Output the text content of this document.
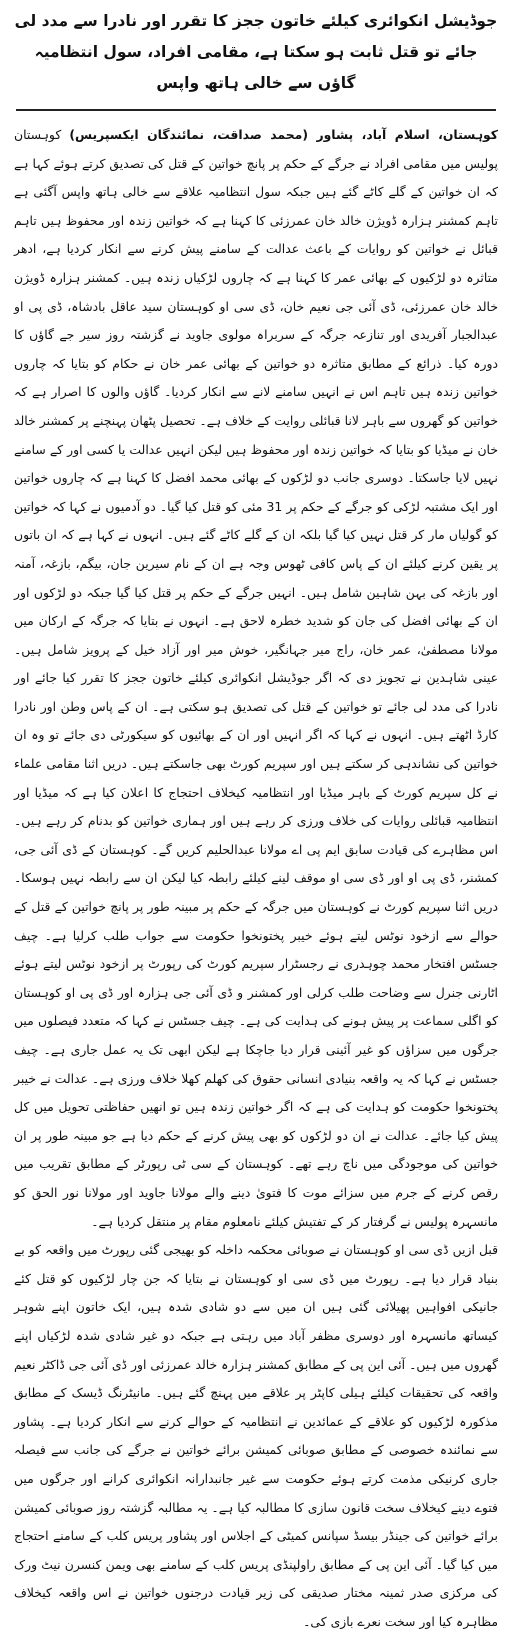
جوڈیشل انکوائری کیلئے خاتون ججز کا تقرر اور نادرا سے مدد لی جائے تو قتل ثابت ہو سکتا ہے، مقامی افراد، سول انتظامیہ گاؤں سے خالی ہاتھ واپس

کوہستان، اسلام آباد، پشاور (محمد صداقت، نمائندگان ایکسپریس) کوہستان پولیس میں مقامی افراد نے جرگے کے حکم پر پانچ خواتین کے قتل کی تصدیق کرتے ہوئے کہا ہے کہ ان خواتین کے گلے کاٹے گئے ہیں جبکہ سول انتظامیہ علاقے سے خالی ہاتھ واپس آگئی ہے تاہم کمشنر ہزارہ ڈویژن خالد خان عمرزئی کا کہنا ہے کہ خواتین زندہ اور محفوظ ہیں تاہم قبائل نے خواتین کو روایات کے باعث عدالت کے سامنے پیش کرنے سے انکار کردیا ہے، ادھر متاثرہ دو لڑکیوں کے بھائی عمر کا کہنا ہے کہ چاروں لڑکیاں زندہ ہیں۔ کمشنر ہزارہ ڈویژن خالد خان عمرزئی، ڈی آئی جی نعیم خان، ڈی سی او کوہستان سید عاقل بادشاہ، ڈی پی او عبدالجبار آفریدی اور تنازعہ جرگہ کے سربراہ مولوی جاوید نے گزشتہ روز سیر جے گاؤں کا دورہ کیا۔ ذرائع کے مطابق متاثرہ دو خواتین کے بھائی عمر خان نے حکام کو بتایا کہ چاروں خواتین زندہ ہیں تاہم اس نے انہیں سامنے لانے سے انکار کردیا۔ گاؤں والوں کا اصرار ہے کہ خواتین کو گھروں سے باہر لانا قبائلی روایت کے خلاف ہے۔ تحصیل پٹھان پہنچنے پر کمشنر خالد خان نے میڈیا کو بتایا کہ خواتین زندہ اور محفوظ ہیں لیکن انہیں عدالت یا کسی اور کے سامنے نہیں لایا جاسکتا۔ دوسری جانب دو لڑکوں کے بھائی محمد افضل کا کہنا ہے کہ چاروں خواتین اور ایک مشتبہ لڑکی کو جرگے کے حکم پر 31 مئی کو قتل کیا گیا۔ دو آدمیوں نے کہا کہ خواتین کو گولیاں مار کر قتل نہیں کیا گیا بلکہ ان کے گلے کاٹے گئے ہیں۔ انہوں نے کہا ہے کہ ان باتوں پر یقین کرنے کیلئے ان کے پاس کافی ٹھوس وجہ ہے ان کے نام سیرین جان، بیگم، بازغہ، آمنہ اور بازغہ کی بہن شاہین شامل ہیں۔ انہیں جرگے کے حکم پر قتل کیا گیا جبکہ دو لڑکوں اور ان کے بھائی افضل کی جان کو شدید خطرہ لاحق ہے۔ انہوں نے بتایا کہ جرگہ کے ارکان میں مولانا مصطفیٰ، عمر خان، راج میر جہانگیر، خوش میر اور آزاد خیل کے پرویز شامل ہیں۔ عینی شاہدین نے تجویز دی کہ اگر جوڈیشل انکوائری کیلئے خاتون ججز کا تقرر کیا جائے اور نادرا کی مدد لی جائے تو خواتین کے قتل کی تصدیق ہو سکتی ہے۔ ان کے پاس وطن اور نادرا کارڈ اٹھتے ہیں۔ انہوں نے کہا کہ اگر انہیں اور ان کے بھائیوں کو سیکورٹی دی جائے تو وہ ان خواتین کی نشاندہی کر سکتے ہیں اور سپریم کورٹ بھی جاسکتے ہیں۔ دریں اثنا مقامی علماء نے کل سپریم کورٹ کے باہر میڈیا اور انتظامیہ کیخلاف احتجاج کا اعلان کیا ہے کہ میڈیا اور انتظامیہ قبائلی روایات کی خلاف ورزی کر رہے ہیں اور ہماری خواتین کو بدنام کر رہے ہیں۔ اس مظاہرے کی قیادت سابق ایم پی اے مولانا عبدالحلیم کریں گے۔ کوہستان کے ڈی آئی جی، کمشنر، ڈی پی او اور ڈی سی او موقف لینے کیلئے رابطہ کیا لیکن ان سے رابطہ نہیں ہوسکا۔ دریں اثنا سپریم کورٹ نے کوہستان میں جرگہ کے حکم پر مبینہ طور پر پانچ خواتین کے قتل کے حوالے سے ازخود نوٹس لیتے ہوئے خیبر پختونخوا حکومت سے جواب طلب کرلیا ہے۔ چیف جسٹس افتخار محمد چوہدری نے رجسٹرار سپریم کورٹ کی رپورٹ پر ازخود نوٹس لیتے ہوئے اٹارنی جنرل سے وضاحت طلب کرلی اور کمشنر و ڈی آئی جی ہزارہ اور ڈی پی او کوہستان کو اگلی سماعت پر پیش ہونے کی ہدایت کی ہے۔ چیف جسٹس نے کہا کہ متعدد فیصلوں میں جرگوں میں سزاؤں کو غیر آئینی قرار دیا جاچکا ہے لیکن ابھی تک یہ عمل جاری ہے۔ چیف جسٹس نے کہا کہ یہ واقعہ بنیادی انسانی حقوق کی کھلم کھلا خلاف ورزی ہے۔ عدالت نے خیبر پختونخوا حکومت کو ہدایت کی ہے کہ اگر خواتین زندہ ہیں تو انھیں حفاظتی تحویل میں کل پیش کیا جائے۔ عدالت نے ان دو لڑکوں کو بھی پیش کرنے کے حکم دیا ہے جو مبینہ طور پر ان خواتین کی موجودگی میں ناچ رہے تھے۔ کوہستان کے سی ٹی رپورٹر کے مطابق تقریب میں رقص کرنے کے جرم میں سزائے موت کا فتویٰ دینے والے مولانا جاوید اور مولانا نور الحق کو مانسہرہ پولیس نے گرفتار کر کے تفتیش کیلئے نامعلوم مقام پر منتقل کردیا ہے۔

قبل ازیں ڈی سی او کوہستان نے صوبائی محکمہ داخلہ کو بھیجی گئی رپورٹ میں واقعہ کو بے بنیاد قرار دیا ہے۔ رپورٹ میں ڈی سی او کوہستان نے بتایا کہ جن چار لڑکیوں کو قتل کئے جانیکی افواہیں پھیلائی گئی ہیں ان میں سے دو شادی شدہ ہیں، ایک خاتون اپنے شوہر کیساتھ مانسہرہ اور دوسری مظفر آباد میں رہتی ہے جبکہ دو غیر شادی شدہ لڑکیاں اپنے گھروں میں ہیں۔ آئی این پی کے مطابق کمشنر ہزارہ خالد عمرزئی اور ڈی آئی جی ڈاکٹر نعیم واقعہ کی تحقیقات کیلئے ہیلی کاپٹر پر علاقے میں پہنچ گئے ہیں۔ مانیٹرنگ ڈیسک کے مطابق مذکورہ لڑکیوں کو علاقے کے عمائدین نے انتظامیہ کے حوالے کرنے سے انکار کردیا ہے۔ پشاور سے نمائندہ خصوصی کے مطابق صوبائی کمیشن برائے خواتین نے جرگے کی جانب سے فیصلہ جاری کرنیکی مذمت کرتے ہوئے حکومت سے غیر جانبدارانہ انکوائری کرانے اور جرگوں میں فتوے دینے کیخلاف سخت قانون سازی کا مطالبہ کیا ہے۔ یہ مطالبہ گزشتہ روز صوبائی کمیشن برائے خواتین کی جینڈر بیسڈ سپانس کمیٹی کے اجلاس اور پشاور پریس کلب کے سامنے احتجاج میں کیا گیا۔ آئی این پی کے مطابق راولپنڈی پریس کلب کے سامنے بھی ویمن کنسرن نیٹ ورک کی مرکزی صدر ثمینہ مختار صدیقی کی زیر قیادت درجنوں خواتین نے اس واقعہ کیخلاف مظاہرہ کیا اور سخت نعرے بازی کی۔
